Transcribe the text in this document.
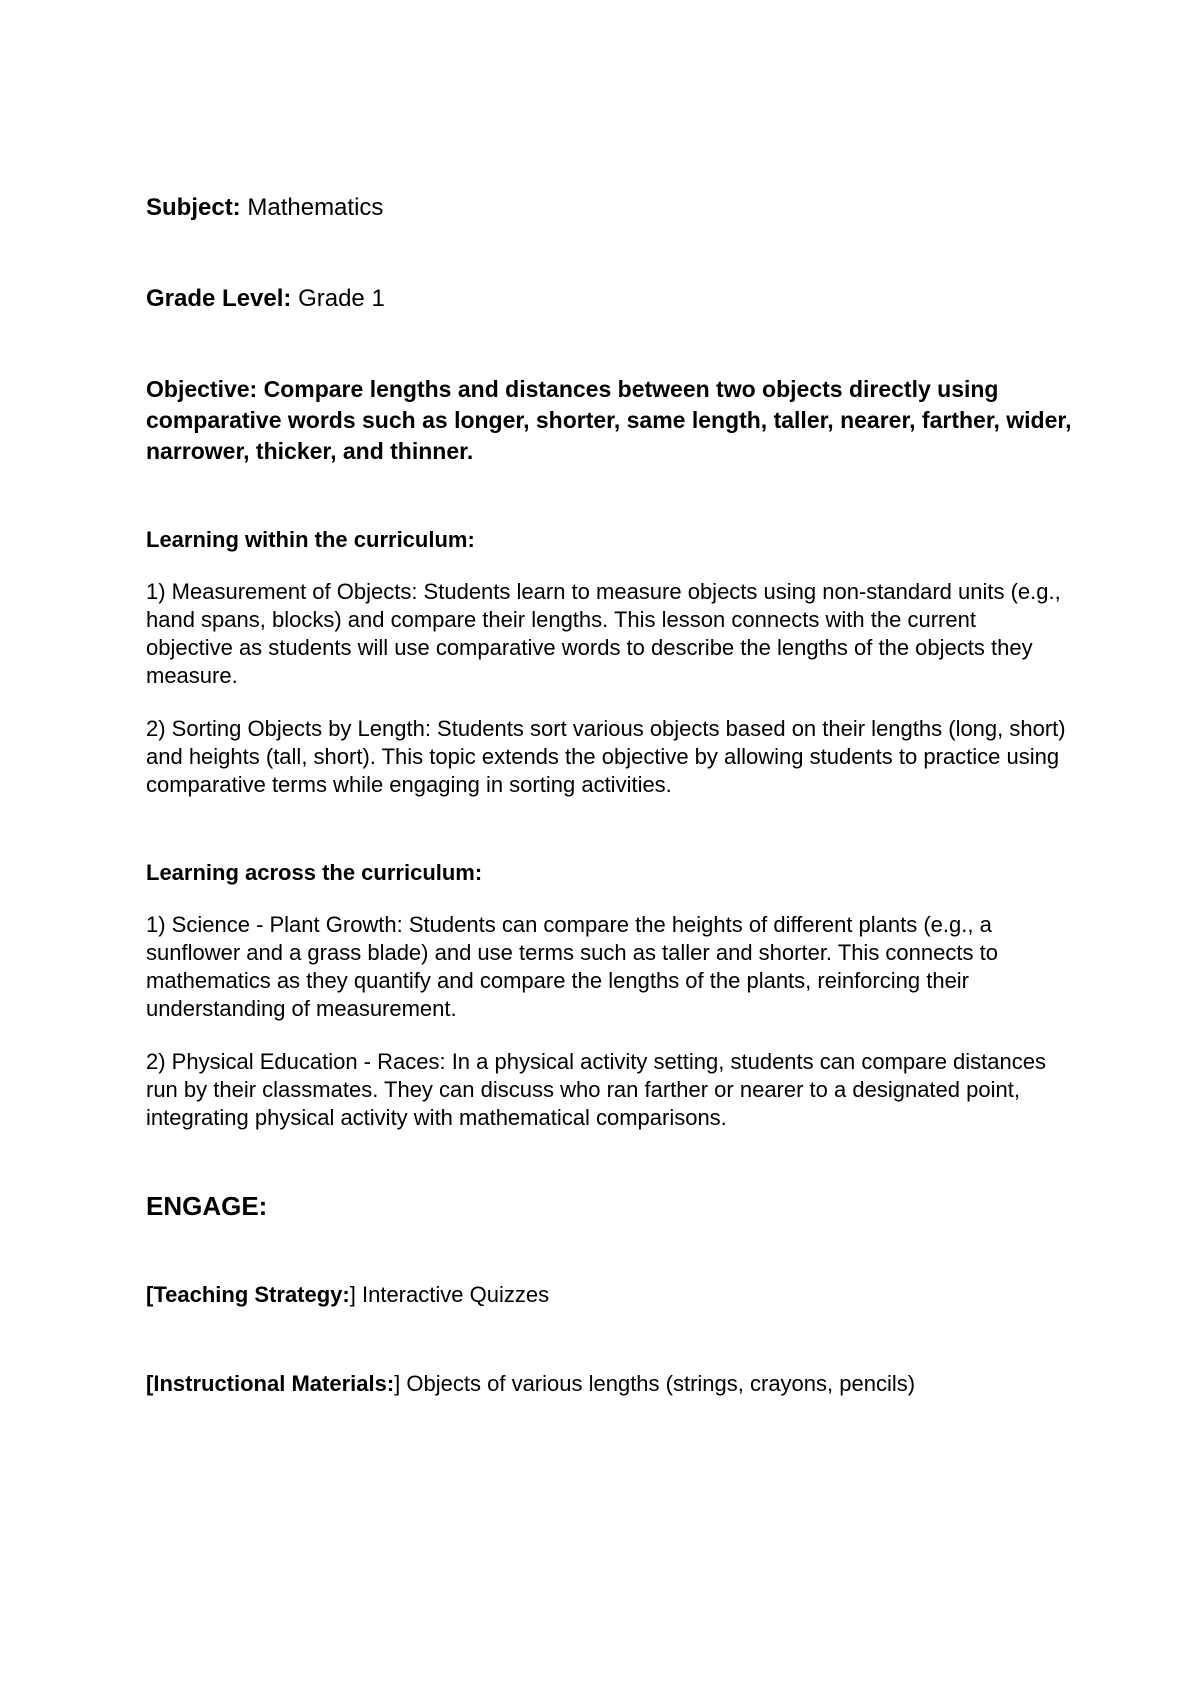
Subject: Mathematics
Grade Level: Grade 1
Objective: Compare lengths and distances between two objects directly using comparative words such as longer, shorter, same length, taller, nearer, farther, wider, narrower, thicker, and thinner.
Learning within the curriculum:
1) Measurement of Objects: Students learn to measure objects using non-standard units (e.g., hand spans, blocks) and compare their lengths. This lesson connects with the current objective as students will use comparative words to describe the lengths of the objects they measure.
2) Sorting Objects by Length: Students sort various objects based on their lengths (long, short) and heights (tall, short). This topic extends the objective by allowing students to practice using comparative terms while engaging in sorting activities.
Learning across the curriculum:
1) Science - Plant Growth: Students can compare the heights of different plants (e.g., a sunflower and a grass blade) and use terms such as taller and shorter. This connects to mathematics as they quantify and compare the lengths of the plants, reinforcing their understanding of measurement.
2) Physical Education - Races: In a physical activity setting, students can compare distances run by their classmates. They can discuss who ran farther or nearer to a designated point, integrating physical activity with mathematical comparisons.
ENGAGE:
[Teaching Strategy:] Interactive Quizzes
[Instructional Materials:] Objects of various lengths (strings, crayons, pencils)
